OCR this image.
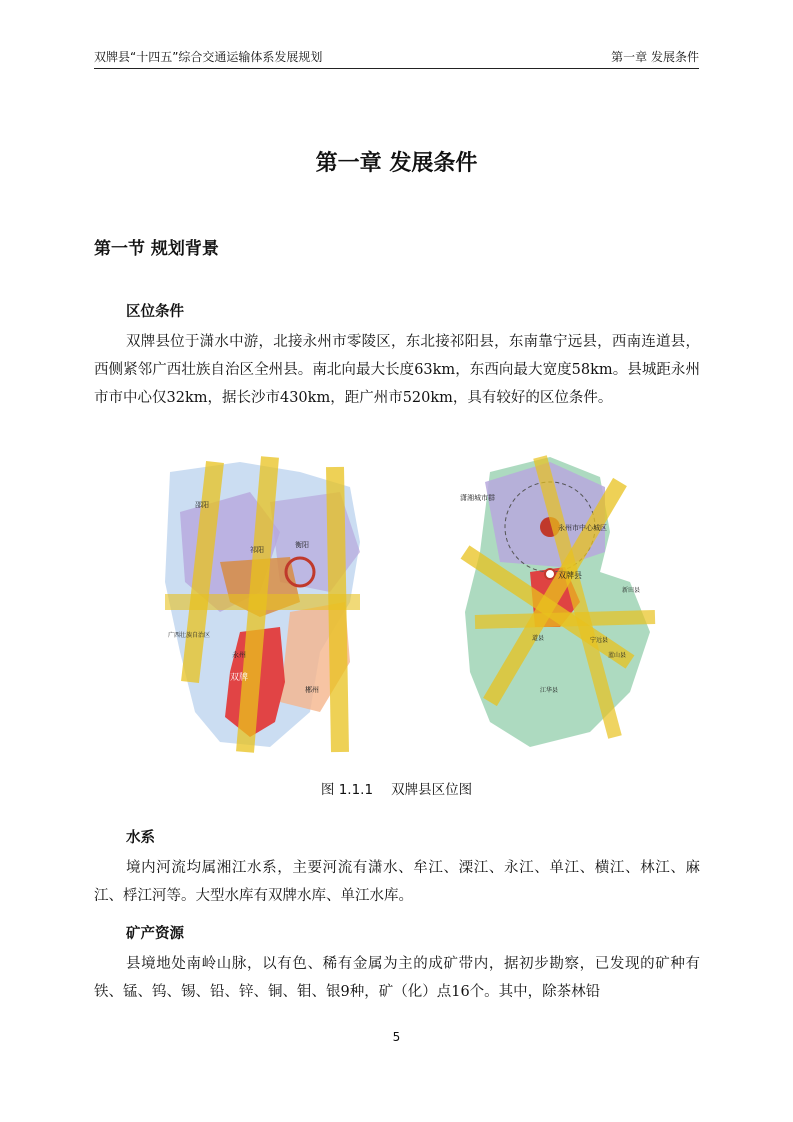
双牌县“十四五”综合交通运输体系发展规划	第一章 发展条件
第一章 发展条件
第一节 规划背景
区位条件

双牌县位于潇水中游，北接永州市零陵区，东北接祁阳县，东南靠宁远县，西南连道县，西侧紧邻广西壮族自治区全州县。南北向最大长度63km，东西向最大宽度58km。县城距永州市市中心仅32km，据长沙市430km，距广州市520km，具有较好的区位条件。

双牌
永州
祁阳
衡阳
邵阳
广西壮族自治区
郴州
潇湘城市群
永州市中心城区
双牌县
宁远县
新田县
道县
江华县
蓝山县
图 1.1.1 双牌县区位图
水系

境内河流均属湘江水系，主要河流有潇水、牟江、溧江、永江、单江、横江、林江、麻江、桴江河等。大型水库有双牌水库、单江水库。

矿产资源

县境地处南岭山脉，以有色、稀有金属为主的成矿带内，据初步勘察，已发现的矿种有铁、锰、钨、锡、铅、锌、铜、钼、银9种，矿（化）点16个。其中，除茶林铅

5
